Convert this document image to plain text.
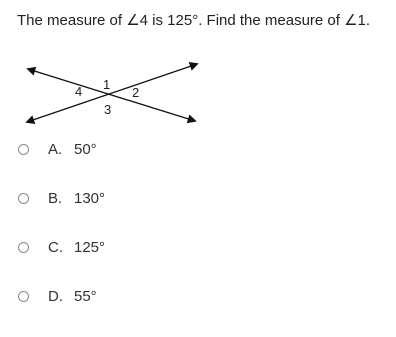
The measure of ∠4 is 125°. Find the measure of ∠1.
1
2
3
4
A. 50°
B. 130°
C. 125°
D. 55°
